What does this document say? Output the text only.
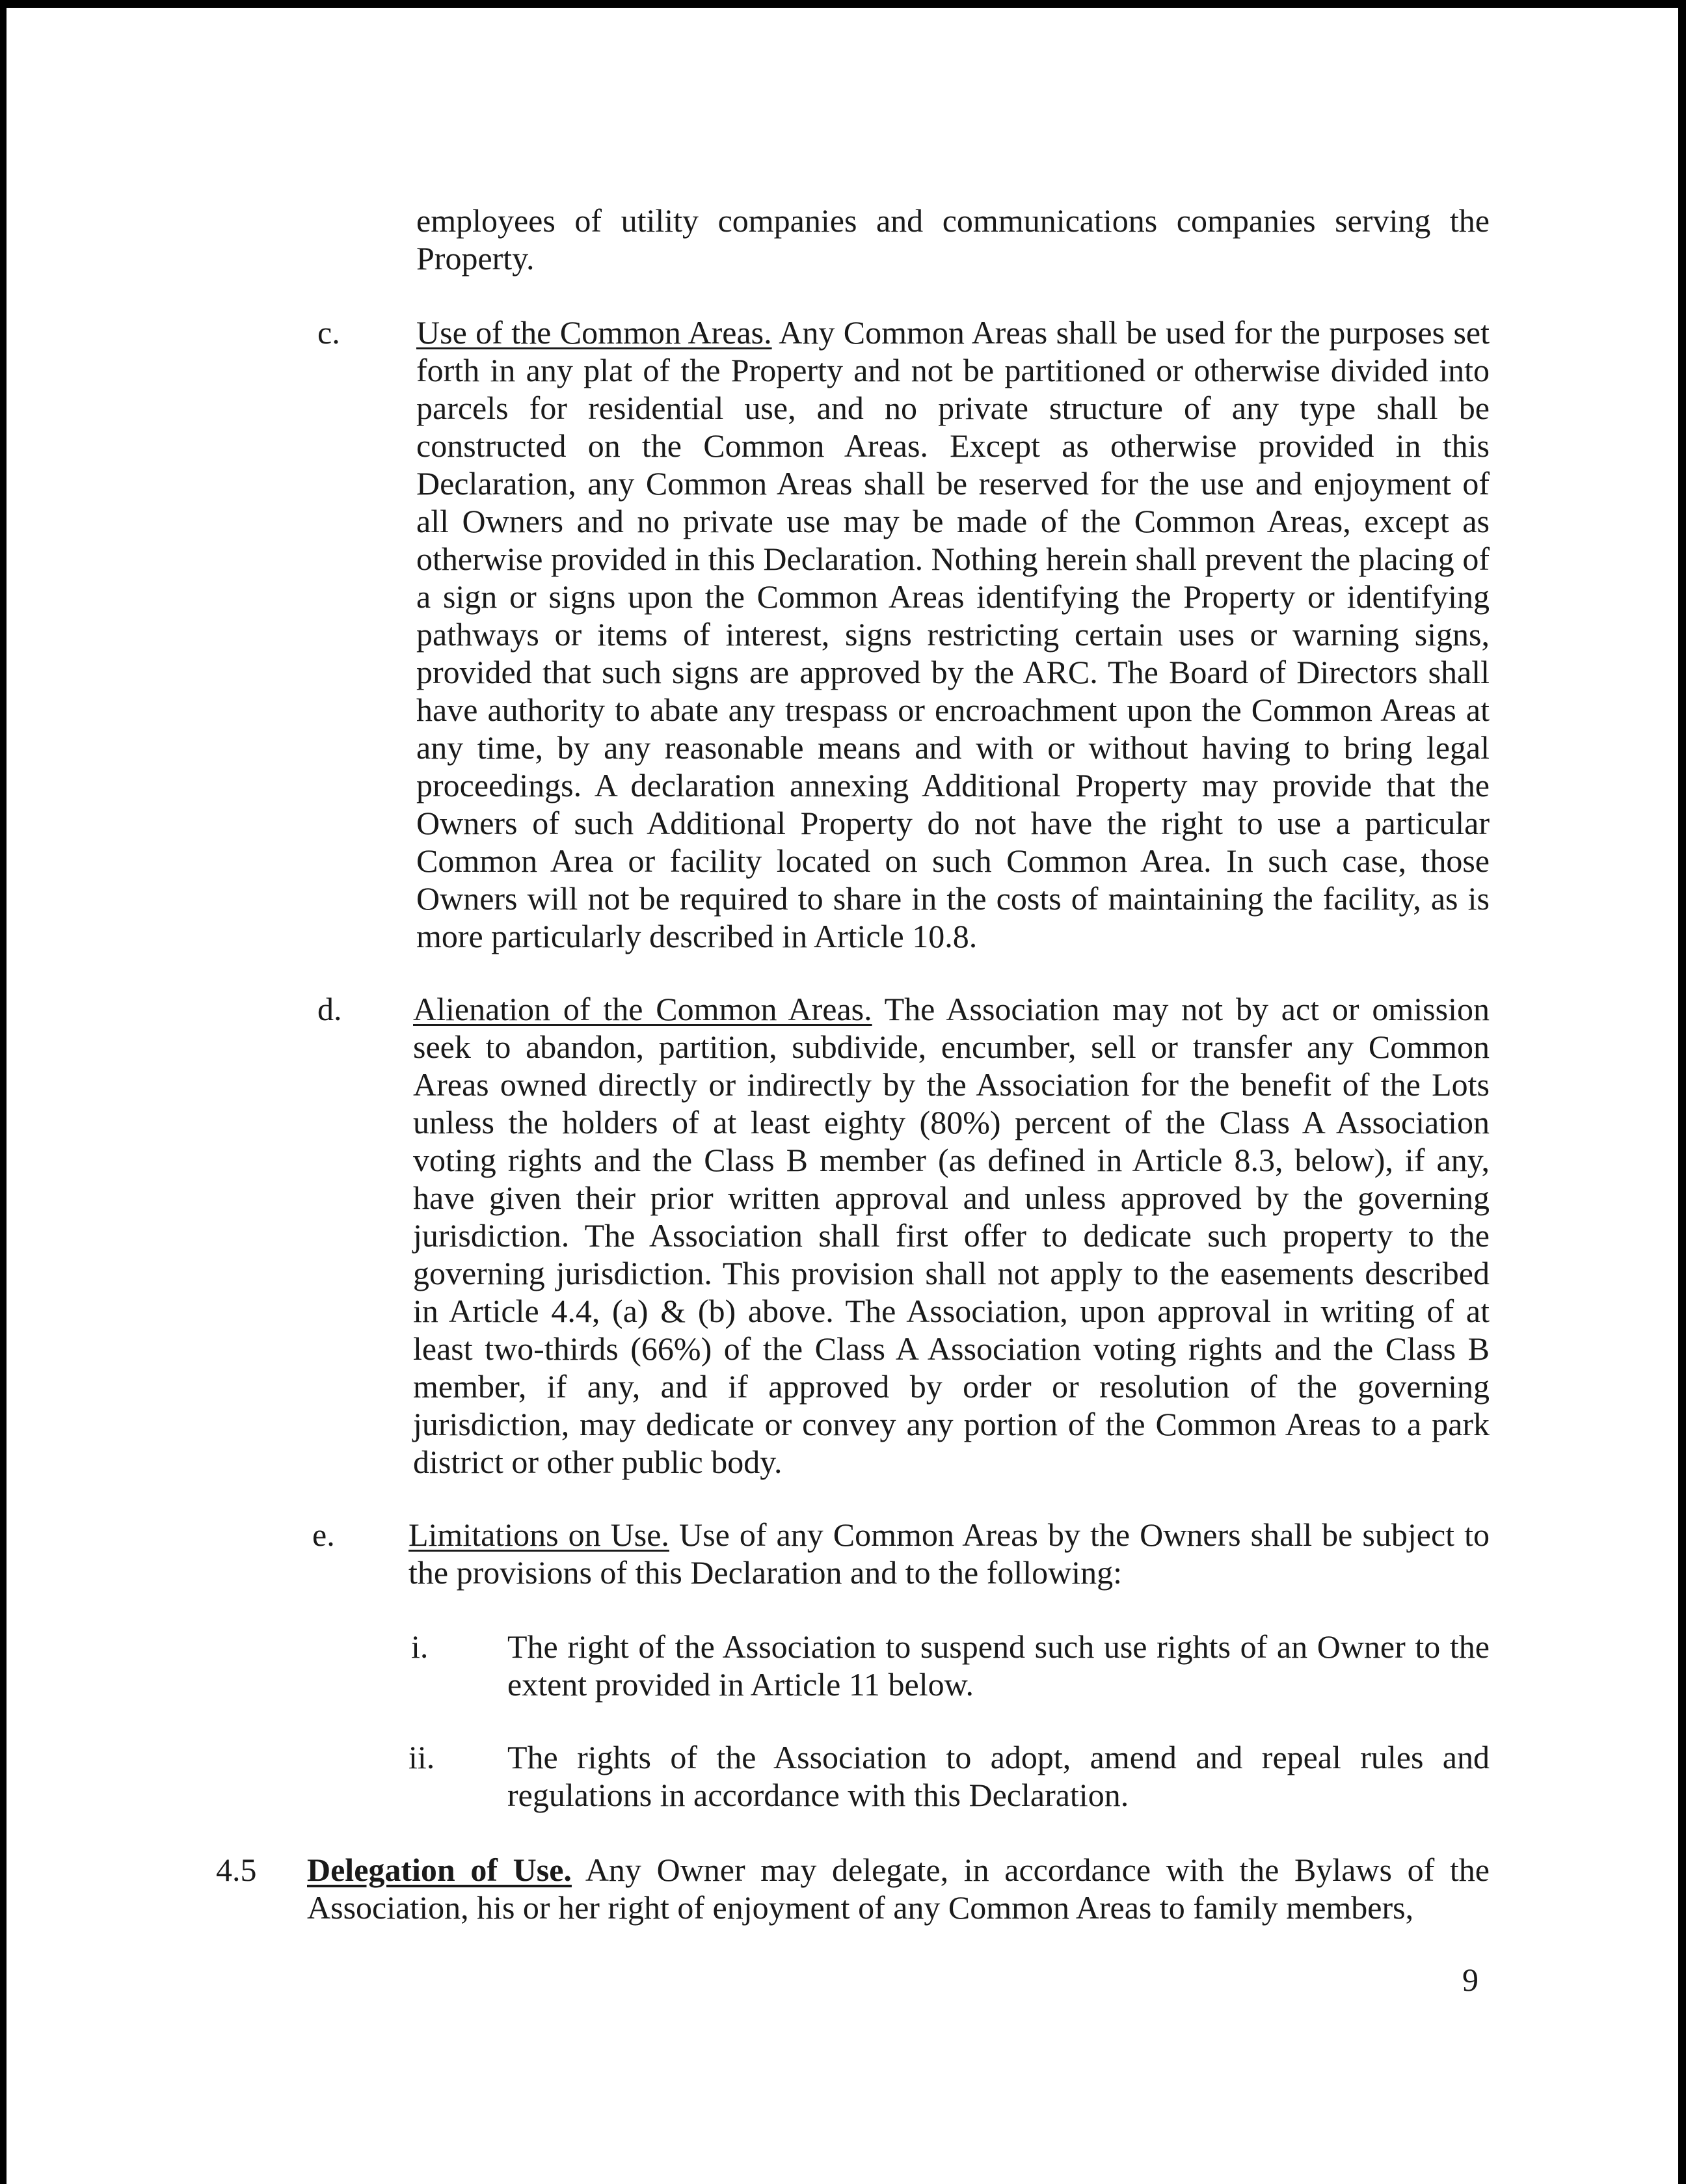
employees of utility companies and communications companies serving the Property.
c. Use of the Common Areas. Any Common Areas shall be used for the purposes set forth in any plat of the Property and not be partitioned or otherwise divided into parcels for residential use, and no private structure of any type shall be constructed on the Common Areas. Except as otherwise provided in this Declaration, any Common Areas shall be reserved for the use and enjoyment of all Owners and no private use may be made of the Common Areas, except as otherwise provided in this Declaration. Nothing herein shall prevent the placing of a sign or signs upon the Common Areas identifying the Property or identifying pathways or items of interest, signs restricting certain uses or warning signs, provided that such signs are approved by the ARC. The Board of Directors shall have authority to abate any trespass or encroachment upon the Common Areas at any time, by any reasonable means and with or without having to bring legal proceedings. A declaration annexing Additional Property may provide that the Owners of such Additional Property do not have the right to use a particular Common Area or facility located on such Common Area. In such case, those Owners will not be required to share in the costs of maintaining the facility, as is more particularly described in Article 10.8.
d. Alienation of the Common Areas. The Association may not by act or omission seek to abandon, partition, subdivide, encumber, sell or transfer any Common Areas owned directly or indirectly by the Association for the benefit of the Lots unless the holders of at least eighty (80%) percent of the Class A Association voting rights and the Class B member (as defined in Article 8.3, below), if any, have given their prior written approval and unless approved by the governing jurisdiction. The Association shall first offer to dedicate such property to the governing jurisdiction. This provision shall not apply to the easements described in Article 4.4, (a) & (b) above. The Association, upon approval in writing of at least two-thirds (66%) of the Class A Association voting rights and the Class B member, if any, and if approved by order or resolution of the governing jurisdiction, may dedicate or convey any portion of the Common Areas to a park district or other public body.
e. Limitations on Use. Use of any Common Areas by the Owners shall be subject to the provisions of this Declaration and to the following:
i. The right of the Association to suspend such use rights of an Owner to the extent provided in Article 11 below.
ii. The rights of the Association to adopt, amend and repeal rules and regulations in accordance with this Declaration.
4.5 Delegation of Use. Any Owner may delegate, in accordance with the Bylaws of the Association, his or her right of enjoyment of any Common Areas to family members,
9
